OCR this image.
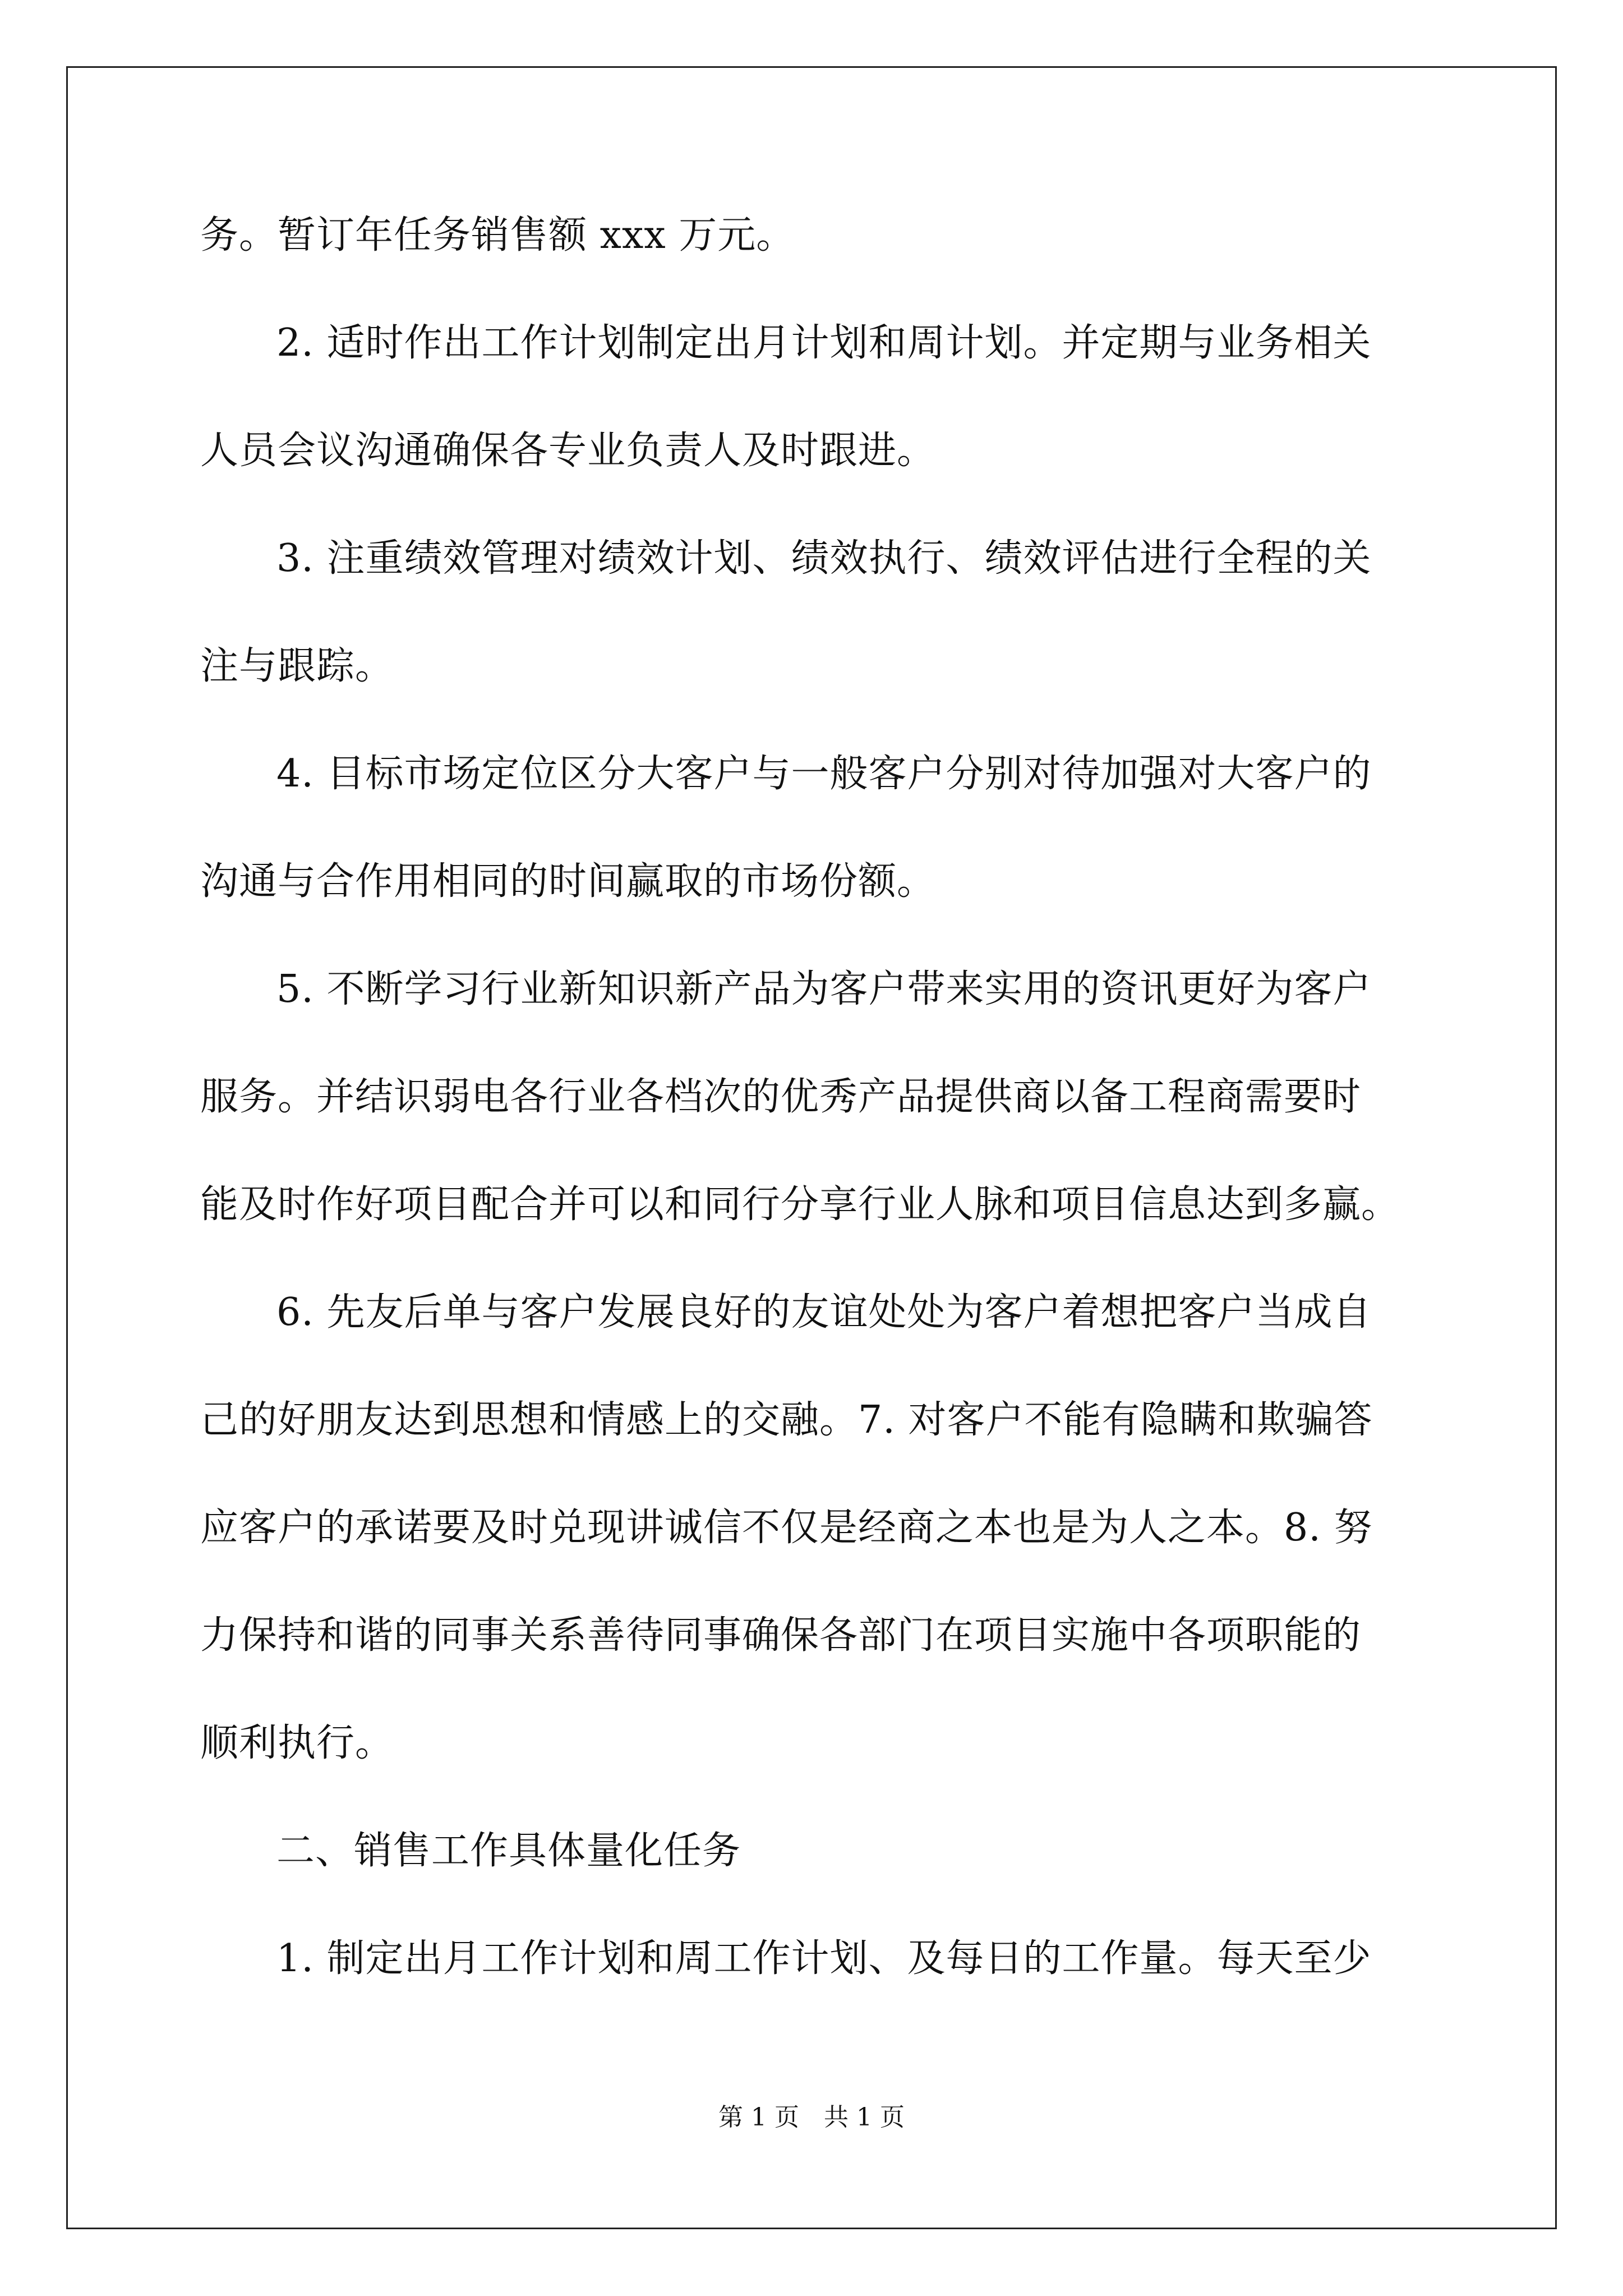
务。暂订年任务销售额 xxx 万元。
2. 适时作出工作计划制定出月计划和周计划。并定期与业务相关
人员会议沟通确保各专业负责人及时跟进。
3. 注重绩效管理对绩效计划、绩效执行、绩效评估进行全程的关
注与跟踪。
4. 目标市场定位区分大客户与一般客户分别对待加强对大客户的
沟通与合作用相同的时间赢取的市场份额。
5. 不断学习行业新知识新产品为客户带来实用的资讯更好为客户
服务。并结识弱电各行业各档次的优秀产品提供商以备工程商需要时
能及时作好项目配合并可以和同行分享行业人脉和项目信息达到多赢。
6. 先友后单与客户发展良好的友谊处处为客户着想把客户当成自
己的好朋友达到思想和情感上的交融。7. 对客户不能有隐瞒和欺骗答
应客户的承诺要及时兑现讲诚信不仅是经商之本也是为人之本。8. 努
力保持和谐的同事关系善待同事确保各部门在项目实施中各项职能的
顺利执行。
二、销售工作具体量化任务
1. 制定出月工作计划和周工作计划、及每日的工作量。每天至少
第 1 页　共 1 页
